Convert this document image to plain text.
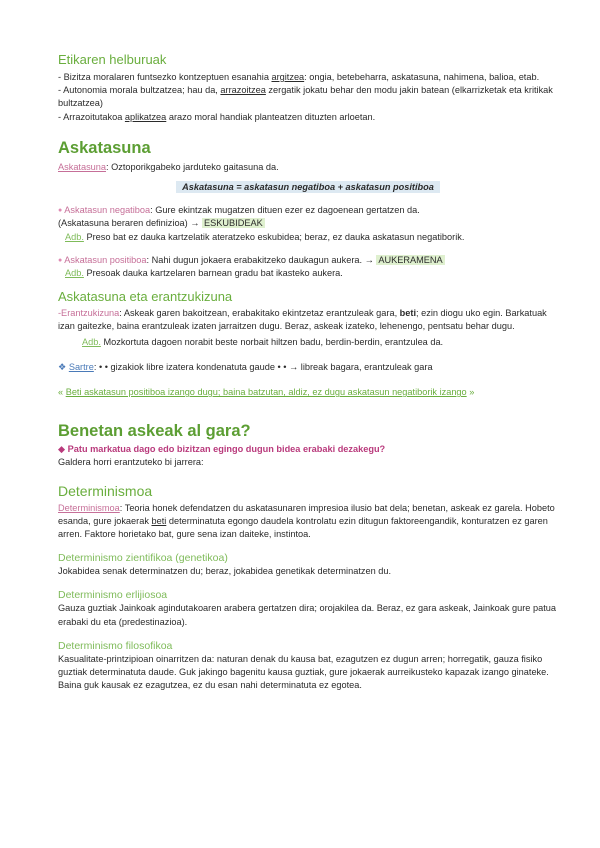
Etikaren helburuak

- Bizitza moralaren funtsezko kontzeptuen esanahia argitzea: ongia, betebeharra, askatasuna, nahimena, balioa, etab.

- Autonomia morala bultzatzea; hau da, arrazoitzea zergatik jokatu behar den modu jakin batean (elkarrizketak eta kritikak bultzatzea)

- Arrazoitutakoa aplikatzea arazo moral handiak planteatzen dituzten arloetan.

Askatasuna

Askatasuna: Oztoporikgabeko jarduteko gaitasuna da.

Askatasuna = askatasun negatiboa + askatasun positiboa

● Askatasun negatiboa: Gure ekintzak mugatzen dituen ezer ez dagoenean gertatzen da.

(Askatasuna beraren definizioa) → ESKUBIDEAK

Adb. Preso bat ez dauka kartzelatik ateratzeko eskubidea; beraz, ez dauka askatasun negatiborik.

● Askatasun positiboa: Nahi dugun jokaera erabakitzeko daukagun aukera. → AUKERAMENA

Adb. Presoak dauka kartzelaren barnean gradu bat ikasteko aukera.

Askatasuna eta erantzukizuna

-Erantzukizuna: Askeak garen bakoitzean, erabakitako ekintzetaz erantzuleak gara, beti; ezin diogu uko egin. Barkatuak izan gaitezke, baina erantzuleak izaten jarraitzen dugu. Beraz, askeak izateko, lehenengo, pentsatu behar dugu.

Adb. Mozkortuta dagoen norabit beste norbait hiltzen badu, berdin-berdin, erantzulea da.

❖ Sartre: • • gizakiok libre izatera kondenatuta gaude • • → libreak bagara, erantzuleak gara

« Beti askatasun positiboa izango dugu; baina batzutan, aldiz, ez dugu askatasun negatiborik izango »

Benetan askeak al gara?

◆ Patu markatua dago edo bizitzan egingo dugun bidea erabaki dezakegu?

Galdera horri erantzuteko bi jarrera:

Determinismoa

Determinismoa: Teoria honek defendatzen du askatasunaren impresioa ilusio bat dela; benetan, askeak ez garela. Hobeto esanda, gure jokaerak beti determinatuta egongo daudela kontrolatu ezin ditugun faktoreengandik, konturatzen ez garen arren. Faktore horietako bat, gure sena izan daiteke, instintoa.

Determinismo zientifikoa (genetikoa)

Jokabidea senak determinatzen du; beraz, jokabidea genetikak determinatzen du.

Determinismo erlijiosoa

Gauza guztiak Jainkoak agindutakoaren arabera gertatzen dira; orojakilea da. Beraz, ez gara askeak, Jainkoak gure patua erabaki du eta (predestinazioa).

Determinismo filosofikoa

Kasualitate-printzipioan oinarritzen da: naturan denak du kausa bat, ezagutzen ez dugun arren; horregatik, gauza fisiko guztiak determinatuta daude. Guk jakingo bagenitu kausa guztiak, gure jokaerak aurreikusteko kapazak izango ginateke. Baina guk kausak ez ezagutzea, ez du esan nahi determinatuta ez egotea.
